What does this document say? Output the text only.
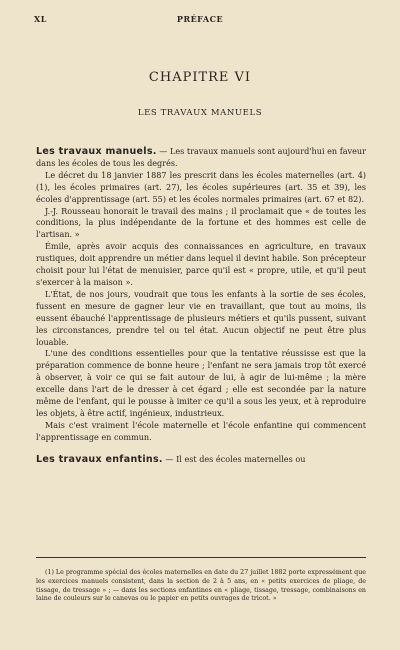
XL	PRÉFACE
CHAPITRE VI
LES TRAVAUX MANUELS

Les travaux manuels. — Les travaux manuels sont aujourd'hui en faveur dans les écoles de tous les degrés.

Le décret du 18 janvier 1887 les prescrit dans les écoles maternelles (art. 4) (1), les écoles primaires (art. 27), les écoles supérieures (art. 35 et 39), les écoles d'apprentissage (art. 55) et les écoles normales primaires (art. 67 et 82).

J.-J. Rousseau honorait le travail des mains ; il proclamait que « de toutes les conditions, la plus indépendante de la fortune et des hommes est celle de l'artisan. »

Émile, après avoir acquis des connaissances en agriculture, en travaux rustiques, doit apprendre un métier dans lequel il devint habile. Son précepteur choisit pour lui l'état de menuisier, parce qu'il est « propre, utile, et qu'il peut s'exercer à la maison ».

L'État, de nos jours, voudrait que tous les enfants à la sortie de ses écoles, fussent en mesure de gagner leur vie en travaillant, que tout au moins, ils eussent ébauché l'apprentissage de plusieurs métiers et qu'ils pussent, suivant les circonstances, prendre tel ou tel état. Aucun objectif ne peut être plus louable.

L'une des conditions essentielles pour que la tentative réussisse est que la préparation commence de bonne heure ; l'enfant ne sera jamais trop tôt exercé à observer, à voir ce qui se fait autour de lui, à agir de lui-même ; la mère excelle dans l'art de le dresser à cet égard ; elle est secondée par la nature même de l'enfant, qui le pousse à imiter ce qu'il a sous les yeux, et à reproduire les objets, à être actif, ingénieux, industrieux.

Mais c'est vraiment l'école maternelle et l'école enfantine qui commencent l'apprentissage en commun.

Les travaux enfantins. — Il est des écoles maternelles ou

(1) Le programme spécial des écoles maternelles en date du 27 juillet 1882 porte expressément que les exercices manuels consistent, dans la section de 2 à 5 ans, en « petits exercices de pliage, de tissage, de tressage » ; — dans les sections enfantines en « pliage, tissage, tressage, combinaisons en laine de couleurs sur le canevas ou le papier en petits ouvrages de tricot. »
